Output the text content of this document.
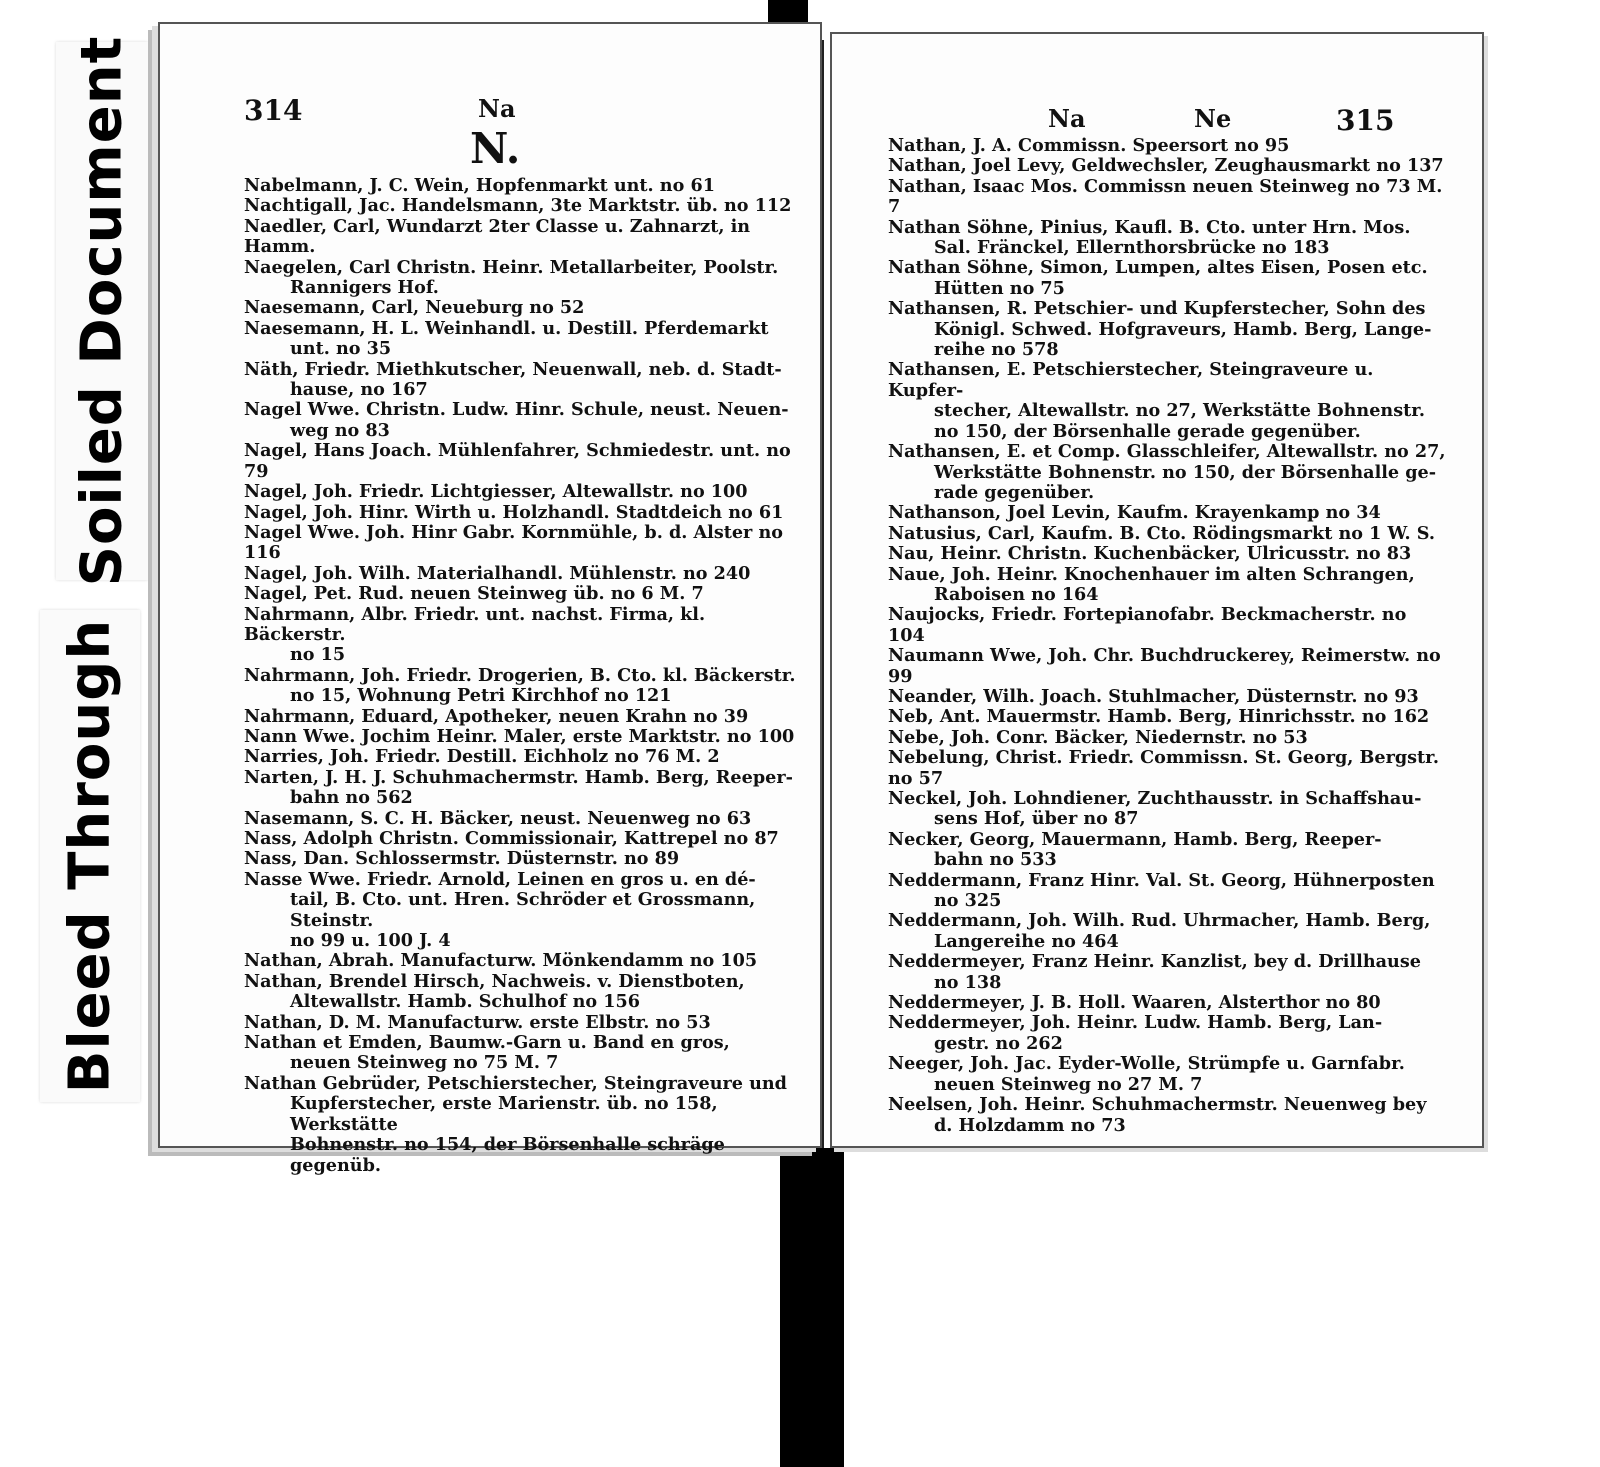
Soiled Document
Bleed Through
314	Na
N.
Nabelmann, J. C. Wein, Hopfenmarkt unt. no 61
Nachtigall, Jac. Handelsmann, 3te Marktstr. üb. no 112
Naedler, Carl, Wundarzt 2ter Classe u. Zahnarzt, in Hamm.
Naegelen, Carl Christn. Heinr. Metallarbeiter, Poolstr.
Rannigers Hof.
Naesemann, Carl, Neueburg no 52
Naesemann, H. L. Weinhandl. u. Destill. Pferdemarkt
unt. no 35
Näth, Friedr. Miethkutscher, Neuenwall, neb. d. Stadt-
hause, no 167
Nagel Wwe. Christn. Ludw. Hinr. Schule, neust. Neuen-
weg no 83
Nagel, Hans Joach. Mühlenfahrer, Schmiedestr. unt. no 79
Nagel, Joh. Friedr. Lichtgiesser, Altewallstr. no 100
Nagel, Joh. Hinr. Wirth u. Holzhandl. Stadtdeich no 61
Nagel Wwe. Joh. Hinr Gabr. Kornmühle, b. d. Alster no 116
Nagel, Joh. Wilh. Materialhandl. Mühlenstr. no 240
Nagel, Pet. Rud. neuen Steinweg üb. no 6 M. 7
Nahrmann, Albr. Friedr. unt. nachst. Firma, kl. Bäckerstr.
no 15
Nahrmann, Joh. Friedr. Drogerien, B. Cto. kl. Bäckerstr.
no 15, Wohnung Petri Kirchhof no 121
Nahrmann, Eduard, Apotheker, neuen Krahn no 39
Nann Wwe. Jochim Heinr. Maler, erste Marktstr. no 100
Narries, Joh. Friedr. Destill. Eichholz no 76 M. 2
Narten, J. H. J. Schuhmachermstr. Hamb. Berg, Reeper-
bahn no 562
Nasemann, S. C. H. Bäcker, neust. Neuenweg no 63
Nass, Adolph Christn. Commissionair, Kattrepel no 87
Nass, Dan. Schlossermstr. Düsternstr. no 89
Nasse Wwe. Friedr. Arnold, Leinen en gros u. en dé-
tail, B. Cto. unt. Hren. Schröder et Grossmann, Steinstr.
no 99 u. 100 J. 4
Nathan, Abrah. Manufacturw. Mönkendamm no 105
Nathan, Brendel Hirsch, Nachweis. v. Dienstboten,
Altewallstr. Hamb. Schulhof no 156
Nathan, D. M. Manufacturw. erste Elbstr. no 53
Nathan et Emden, Baumw.-Garn u. Band en gros,
neuen Steinweg no 75 M. 7
Nathan Gebrüder, Petschierstecher, Steingraveure und
Kupferstecher, erste Marienstr. üb. no 158, Werkstätte
Bohnenstr. no 154, der Börsenhalle schräge gegenüb.
Na	Ne	315
Nathan, J. A. Commissn. Speersort no 95
Nathan, Joel Levy, Geldwechsler, Zeughausmarkt no 137
Nathan, Isaac Mos. Commissn neuen Steinweg no 73 M. 7
Nathan Söhne, Pinius, Kaufl. B. Cto. unter Hrn. Mos.
Sal. Fränckel, Ellernthorsbrücke no 183
Nathan Söhne, Simon, Lumpen, altes Eisen, Posen etc.
Hütten no 75
Nathansen, R. Petschier- und Kupferstecher, Sohn des
Königl. Schwed. Hofgraveurs, Hamb. Berg, Lange-
reihe no 578
Nathansen, E. Petschierstecher, Steingraveure u. Kupfer-
stecher, Altewallstr. no 27, Werkstätte Bohnenstr.
no 150, der Börsenhalle gerade gegenüber.
Nathansen, E. et Comp. Glasschleifer, Altewallstr. no 27,
Werkstätte Bohnenstr. no 150, der Börsenhalle ge-
rade gegenüber.
Nathanson, Joel Levin, Kaufm. Krayenkamp no 34
Natusius, Carl, Kaufm. B. Cto. Rödingsmarkt no 1 W. S.
Nau, Heinr. Christn. Kuchenbäcker, Ulricusstr. no 83
Naue, Joh. Heinr. Knochenhauer im alten Schrangen,
Raboisen no 164
Naujocks, Friedr. Fortepianofabr. Beckmacherstr. no 104
Naumann Wwe, Joh. Chr. Buchdruckerey, Reimerstw. no 99
Neander, Wilh. Joach. Stuhlmacher, Düsternstr. no 93
Neb, Ant. Mauermstr. Hamb. Berg, Hinrichsstr. no 162
Nebe, Joh. Conr. Bäcker, Niedernstr. no 53
Nebelung, Christ. Friedr. Commissn. St. Georg, Bergstr. no 57
Neckel, Joh. Lohndiener, Zuchthausstr. in Schaffshau-
sens Hof, über no 87
Necker, Georg, Mauermann, Hamb. Berg, Reeper-
bahn no 533
Neddermann, Franz Hinr. Val. St. Georg, Hühnerposten
no 325
Neddermann, Joh. Wilh. Rud. Uhrmacher, Hamb. Berg,
Langereihe no 464
Neddermeyer, Franz Heinr. Kanzlist, bey d. Drillhause
no 138
Neddermeyer, J. B. Holl. Waaren, Alsterthor no 80
Neddermeyer, Joh. Heinr. Ludw. Hamb. Berg, Lan-
gestr. no 262
Neeger, Joh. Jac. Eyder-Wolle, Strümpfe u. Garnfabr.
neuen Steinweg no 27 M. 7
Neelsen, Joh. Heinr. Schuhmachermstr. Neuenweg bey
d. Holzdamm no 73
